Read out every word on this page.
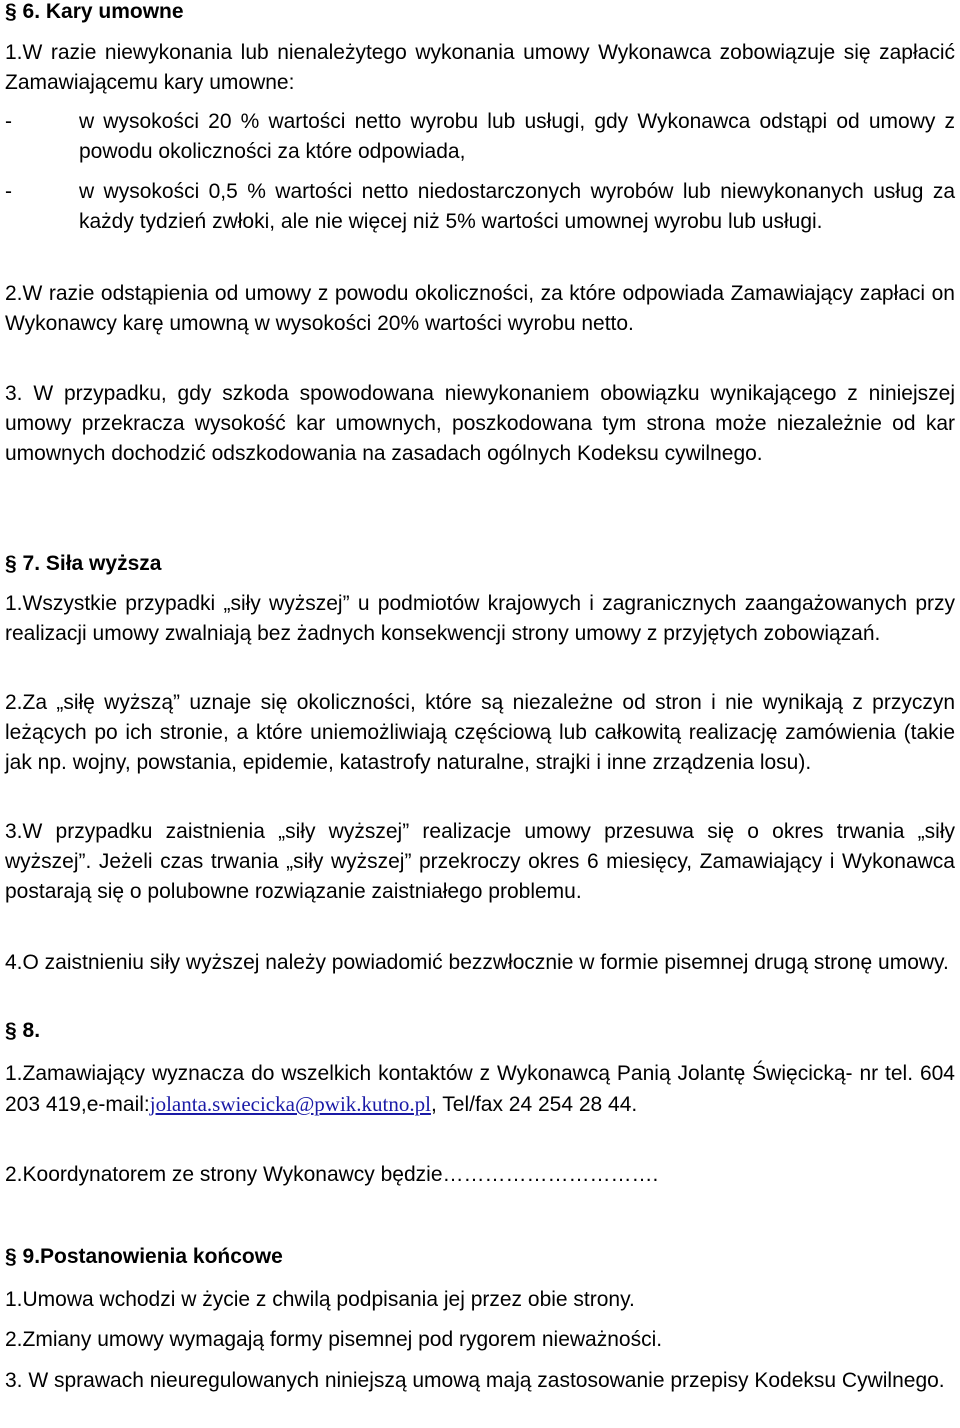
§ 6. Kary umowne

1.W razie niewykonania lub nienależytego wykonania umowy Wykonawca zobowiązuje się zapłacić Zamawiającemu kary umowne:

-	w wysokości 20 % wartości netto wyrobu lub usługi, gdy Wykonawca odstąpi od umowy z powodu okoliczności za które odpowiada,
-	w wysokości 0,5 % wartości netto niedostarczonych wyrobów lub niewykonanych usług za każdy tydzień zwłoki, ale nie więcej niż 5% wartości umownej wyrobu lub usługi.

2.W razie odstąpienia od umowy z powodu okoliczności, za które odpowiada Zamawiający zapłaci on Wykonawcy karę umowną w wysokości 20% wartości wyrobu netto.

3. W przypadku, gdy szkoda spowodowana niewykonaniem obowiązku wynikającego z niniejszej umowy przekracza wysokość kar umownych, poszkodowana tym strona może niezależnie od kar umownych dochodzić odszkodowania na zasadach ogólnych Kodeksu cywilnego.

§ 7. Siła wyższa

1.Wszystkie przypadki „siły wyższej” u podmiotów krajowych i zagranicznych zaangażowanych przy realizacji umowy zwalniają bez żadnych konsekwencji strony umowy z przyjętych zobowiązań.

2.Za „siłę wyższą” uznaje się okoliczności, które są niezależne od stron i nie wynikają z przyczyn leżących po ich stronie, a które uniemożliwiają częściową lub całkowitą realizację zamówienia (takie jak np. wojny, powstania, epidemie, katastrofy naturalne, strajki i inne zrządzenia losu).

3.W przypadku zaistnienia „siły wyższej” realizacje umowy przesuwa się o okres trwania „siły wyższej”. Jeżeli czas trwania „siły wyższej” przekroczy okres 6 miesięcy, Zamawiający i Wykonawca postarają się o polubowne rozwiązanie zaistniałego problemu.

4.O zaistnieniu siły wyższej należy powiadomić bezzwłocznie w formie pisemnej drugą stronę umowy.

§ 8.

1.Zamawiający wyznacza do wszelkich kontaktów z Wykonawcą Panią Jolantę Święcicką- nr tel. 604 203 419,e-mail:jolanta.swiecicka@pwik.kutno.pl, Tel/fax 24 254 28 44.

2.Koordynatorem ze strony Wykonawcy będzie………………………….

§ 9.Postanowienia końcowe

1.Umowa wchodzi w życie z chwilą podpisania jej przez obie strony.

2.Zmiany umowy wymagają formy pisemnej pod rygorem nieważności.

3. W sprawach nieuregulowanych niniejszą umową mają zastosowanie przepisy Kodeksu Cywilnego.
